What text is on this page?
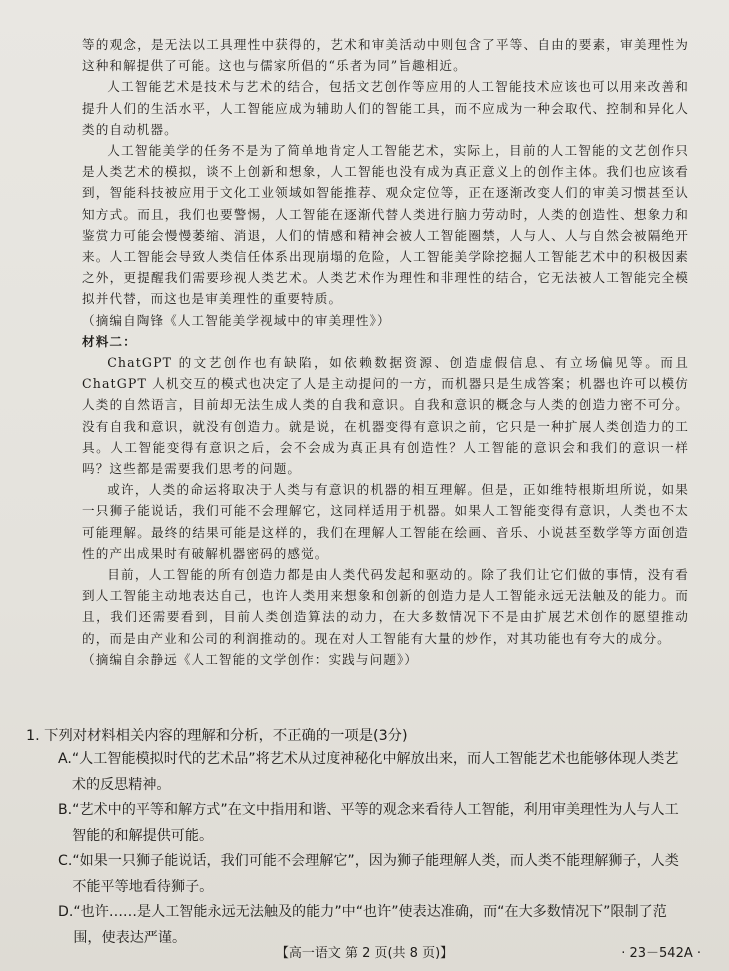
等的观念，是无法以工具理性中获得的，艺术和审美活动中则包含了平等、自由的要素，审美理性为这种和解提供了可能。这也与儒家所倡的“乐者为同”旨趣相近。

人工智能艺术是技术与艺术的结合，包括文艺创作等应用的人工智能技术应该也可以用来改善和提升人们的生活水平，人工智能应成为辅助人们的智能工具，而不应成为一种会取代、控制和异化人类的自动机器。

人工智能美学的任务不是为了简单地肯定人工智能艺术，实际上，目前的人工智能的文艺创作只是人类艺术的模拟，谈不上创新和想象，人工智能也没有成为真正意义上的创作主体。我们也应该看到，智能科技被应用于文化工业领域如智能推荐、观众定位等，正在逐渐改变人们的审美习惯甚至认知方式。而且，我们也要警惕，人工智能在逐渐代替人类进行脑力劳动时，人类的创造性、想象力和鉴赏力可能会慢慢萎缩、消退，人们的情感和精神会被人工智能圈禁，人与人、人与自然会被隔绝开来。人工智能会导致人类信任体系出现崩塌的危险，人工智能美学除挖掘人工智能艺术中的积极因素之外，更提醒我们需要珍视人类艺术。人类艺术作为理性和非理性的结合，它无法被人工智能完全模拟并代替，而这也是审美理性的重要特质。

（摘编自陶锋《人工智能美学视域中的审美理性》）

材料二：

ChatGPT 的文艺创作也有缺陷，如依赖数据资源、创造虚假信息、有立场偏见等。而且ChatGPT 人机交互的模式也决定了人是主动提问的一方，而机器只是生成答案；机器也许可以模仿人类的自然语言，目前却无法生成人类的自我和意识。自我和意识的概念与人类的创造力密不可分。没有自我和意识，就没有创造力。就是说，在机器变得有意识之前，它只是一种扩展人类创造力的工具。人工智能变得有意识之后，会不会成为真正具有创造性？人工智能的意识会和我们的意识一样吗？这些都是需要我们思考的问题。

或许，人类的命运将取决于人类与有意识的机器的相互理解。但是，正如维特根斯坦所说，如果一只狮子能说话，我们可能不会理解它，这同样适用于机器。如果人工智能变得有意识，人类也不太可能理解。最终的结果可能是这样的，我们在理解人工智能在绘画、音乐、小说甚至数学等方面创造性的产出成果时有破解机器密码的感觉。

目前，人工智能的所有创造力都是由人类代码发起和驱动的。除了我们让它们做的事情，没有看到人工智能主动地表达自己，也许人类用来想象和创新的创造力是人工智能永远无法触及的能力。而且，我们还需要看到，目前人类创造算法的动力，在大多数情况下不是由扩展艺术创作的愿望推动的，而是由产业和公司的利润推动的。现在对人工智能有大量的炒作，对其功能也有夸大的成分。

（摘编自余静远《人工智能的文学创作：实践与问题》）

1. 下列对材料相关内容的理解和分析，不正确的一项是(3分)

A. “人工智能模拟时代的艺术品”将艺术从过度神秘化中解放出来，而人工智能艺术也能够体现人类艺术的反思精神。
B. “艺术中的平等和解方式”在文中指用和谐、平等的观念来看待人工智能，利用审美理性为人与人工智能的和解提供可能。
C. “如果一只狮子能说话，我们可能不会理解它”，因为狮子能理解人类，而人类不能理解狮子，人类不能平等地看待狮子。
D. “也许……是人工智能永远无法触及的能力”中“也许”使表达准确，而“在大多数情况下”限制了范围，使表达严谨。
【高一语文 第 2 页(共 8 页)】	· 23－542A ·
